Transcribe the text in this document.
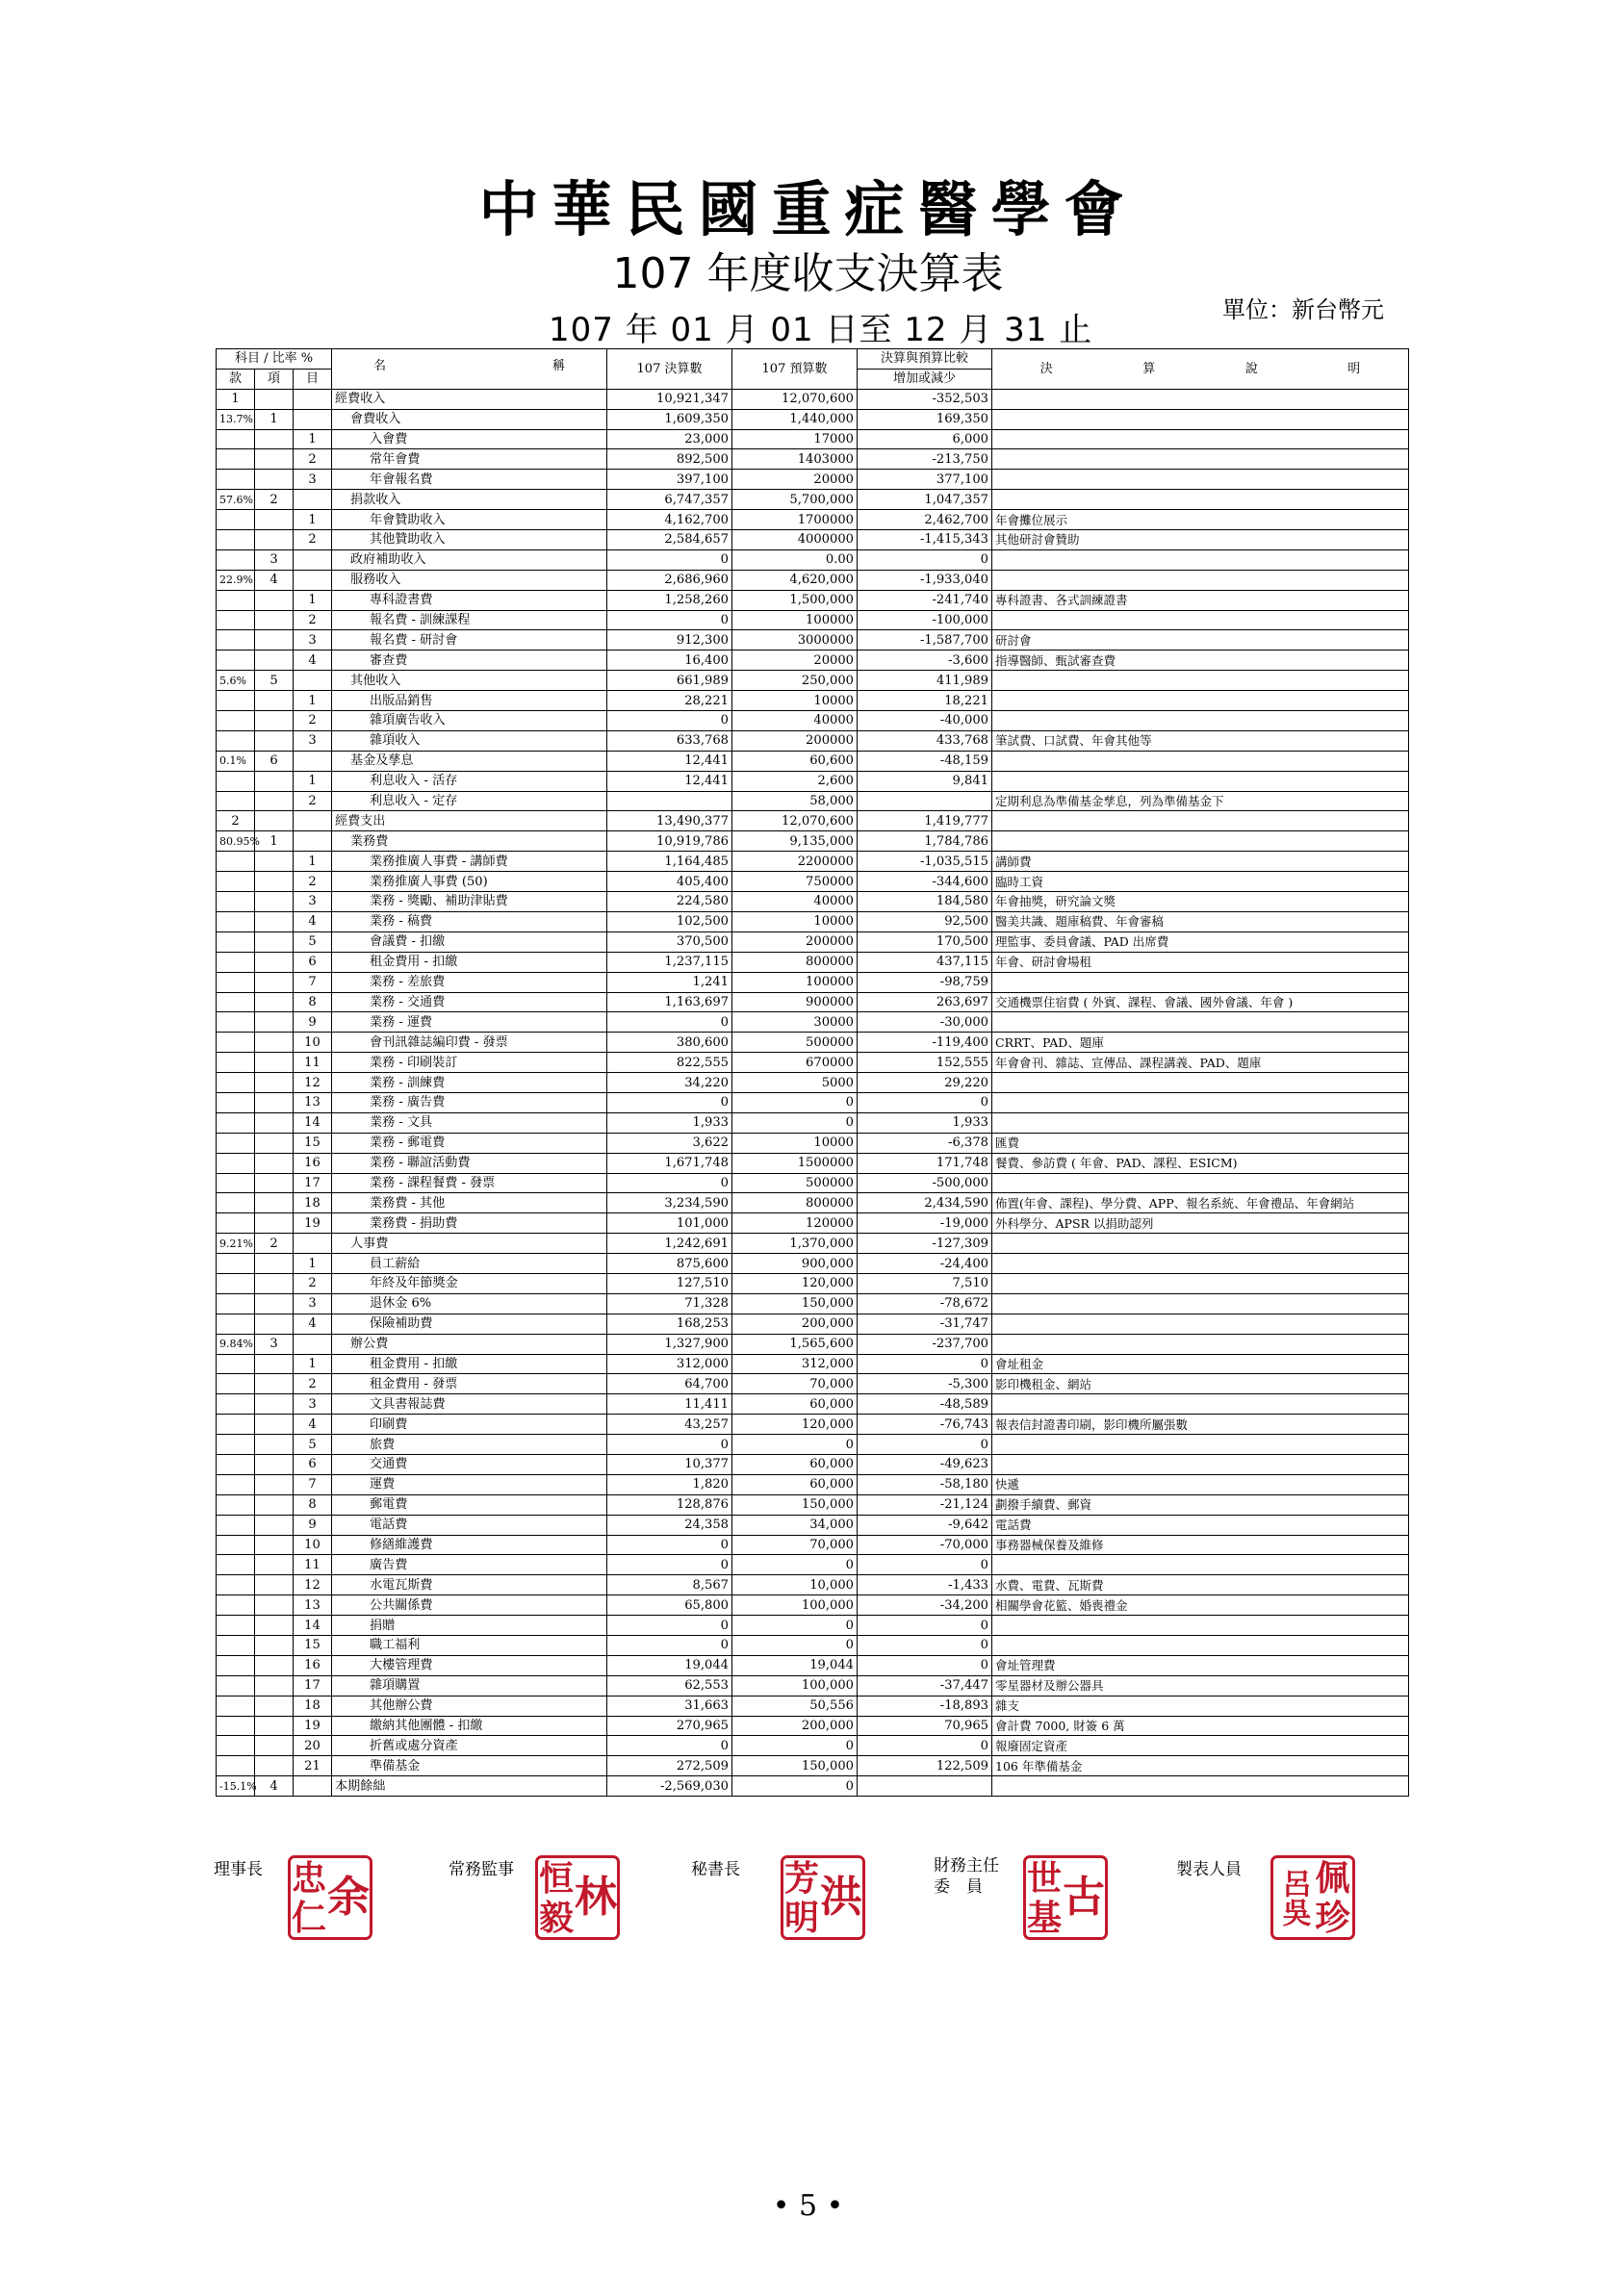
中華民國重症醫學會
107 年度收支決算表
107 年 01 月 01 日至 12 月 31 止
單位：新台幣元
科目 / 比率 %			名 稱	107 決算數	107 預算數	決算與預算比較	決 算 說 明

款	項	目				增加或減少	
1			經費收入	10,921,347	12,070,600	-352,503	
13.7%	1		會費收入	1,609,350	1,440,000	169,350	
		1	入會費	23,000	17000	6,000	
		2	常年會費	892,500	1403000	-213,750	
		3	年會報名費	397,100	20000	377,100	
57.6%	2		捐款收入	6,747,357	5,700,000	1,047,357	
		1	年會贊助收入	4,162,700	1700000	2,462,700	年會攤位展示
		2	其他贊助收入	2,584,657	4000000	-1,415,343	其他研討會贊助
	3		政府補助收入	0	0.00	0	
22.9%	4		服務收入	2,686,960	4,620,000	-1,933,040	
		1	專科證書費	1,258,260	1,500,000	-241,740	專科證書、各式訓練證書
		2	報名費 - 訓練課程	0	100000	-100,000	
		3	報名費 - 研討會	912,300	3000000	-1,587,700	研討會
		4	審查費	16,400	20000	-3,600	指導醫師、甄試審查費
5.6%	5		其他收入	661,989	250,000	411,989	
		1	出版品銷售	28,221	10000	18,221	
		2	雜項廣告收入	0	40000	-40,000	
		3	雜項收入	633,768	200000	433,768	筆試費、口試費、年會其他等
0.1%	6		基金及孳息	12,441	60,600	-48,159	
		1	利息收入 - 活存	12,441	2,600	9,841	
		2	利息收入 - 定存		58,000		定期利息為準備基金孳息，列為準備基金下
2			經費支出	13,490,377	12,070,600	1,419,777	
80.95%	1		業務費	10,919,786	9,135,000	1,784,786	
		1	業務推廣人事費 - 講師費	1,164,485	2200000	-1,035,515	講師費
		2	業務推廣人事費 (50)	405,400	750000	-344,600	臨時工資
		3	業務 - 獎勵、補助津貼費	224,580	40000	184,580	年會抽獎，研究論文獎
		4	業務 - 稿費	102,500	10000	92,500	醫美共識、題庫稿費、年會審稿
		5	會議費 - 扣繳	370,500	200000	170,500	理監事、委員會議、PAD 出席費
		6	租金費用 - 扣繳	1,237,115	800000	437,115	年會、研討會場租
		7	業務 - 差旅費	1,241	100000	-98,759	
		8	業務 - 交通費	1,163,697	900000	263,697	交通機票住宿費 ( 外賓、課程、會議、國外會議、年會 )
		9	業務 - 運費	0	30000	-30,000	
		10	會刊訊雜誌編印費 - 發票	380,600	500000	-119,400	CRRT、PAD、題庫
		11	業務 - 印刷裝訂	822,555	670000	152,555	年會會刊、雜誌、宣傳品、課程講義、PAD、題庫
		12	業務 - 訓練費	34,220	5000	29,220	
		13	業務 - 廣告費	0	0	0	
		14	業務 - 文具	1,933	0	1,933	
		15	業務 - 郵電費	3,622	10000	-6,378	匯費
		16	業務 - 聯誼活動費	1,671,748	1500000	171,748	餐費、參訪費 ( 年會、PAD、課程、ESICM)
		17	業務 - 課程餐費 - 發票	0	500000	-500,000	
		18	業務費 - 其他	3,234,590	800000	2,434,590	佈置(年會、課程)、學分費、APP、報名系統、年會禮品、年會網站
		19	業務費 - 捐助費	101,000	120000	-19,000	外科學分、APSR 以捐助認列
9.21%	2		人事費	1,242,691	1,370,000	-127,309	
		1	員工薪給	875,600	900,000	-24,400	
		2	年終及年節獎金	127,510	120,000	7,510	
		3	退休金 6%	71,328	150,000	-78,672	
		4	保險補助費	168,253	200,000	-31,747	
9.84%	3		辦公費	1,327,900	1,565,600	-237,700	
		1	租金費用 - 扣繳	312,000	312,000	0	會址租金
		2	租金費用 - 發票	64,700	70,000	-5,300	影印機租金、網站
		3	文具書報誌費	11,411	60,000	-48,589	
		4	印刷費	43,257	120,000	-76,743	報表信封證書印刷，影印機所屬張數
		5	旅費	0	0	0	
		6	交通費	10,377	60,000	-49,623	
		7	運費	1,820	60,000	-58,180	快遞
		8	郵電費	128,876	150,000	-21,124	劃撥手續費、郵資
		9	電話費	24,358	34,000	-9,642	電話費
		10	修繕維護費	0	70,000	-70,000	事務器械保養及維修
		11	廣告費	0	0	0	
		12	水電瓦斯費	8,567	10,000	-1,433	水費、電費、瓦斯費
		13	公共關係費	65,800	100,000	-34,200	相關學會花籃、婚喪禮金
		14	捐贈	0	0	0	
		15	職工福利	0	0	0	
		16	大樓管理費	19,044	19,044	0	會址管理費
		17	雜項購置	62,553	100,000	-37,447	零星器材及辦公器具
		18	其他辦公費	31,663	50,556	-18,893	雜支
		19	繳納其他團體 - 扣繳	270,965	200,000	70,965	會計費 7000, 財簽 6 萬
		20	折舊或處分資產	0	0	0	報廢固定資產
		21	準備基金	272,509	150,000	122,509	106 年準備基金
-15.1%	4		本期餘絀	-2,569,030	0		
理事長
余
忠
仁
常務監事
林
恒
毅
秘書長
洪
芳
明
財務主任委　員	古
世
基
製表人員 呂吳 佩
珍
• 5 •
